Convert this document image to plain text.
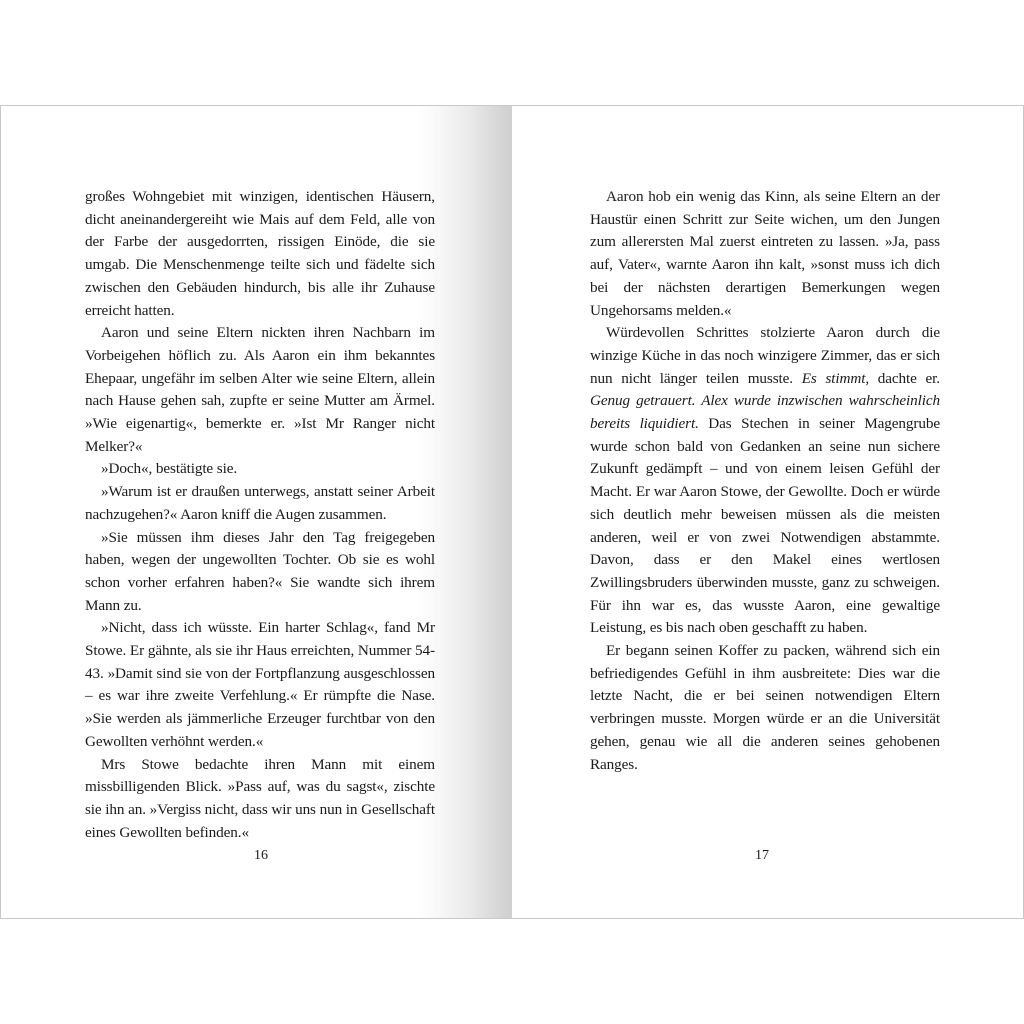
großes Wohngebiet mit winzigen, identischen Häusern, dicht aneinandergereiht wie Mais auf dem Feld, alle von der Farbe der ausgedorrten, rissigen Einöde, die sie umgab. Die Menschenmenge teilte sich und fädelte sich zwischen den Gebäuden hindurch, bis alle ihr Zuhause erreicht hatten.

Aaron und seine Eltern nickten ihren Nachbarn im Vorbeigehen höflich zu. Als Aaron ein ihm bekanntes Ehepaar, ungefähr im selben Alter wie seine Eltern, allein nach Hause gehen sah, zupfte er seine Mutter am Ärmel. »Wie eigenartig«, bemerkte er. »Ist Mr Ranger nicht Melker?«

»Doch«, bestätigte sie.

»Warum ist er draußen unterwegs, anstatt seiner Arbeit nachzugehen?« Aaron kniff die Augen zusammen.

»Sie müssen ihm dieses Jahr den Tag freigegeben haben, wegen der ungewollten Tochter. Ob sie es wohl schon vorher erfahren haben?« Sie wandte sich ihrem Mann zu.

»Nicht, dass ich wüsste. Ein harter Schlag«, fand Mr Stowe. Er gähnte, als sie ihr Haus erreichten, Nummer 54-43. »Damit sind sie von der Fortpflanzung ausgeschlossen – es war ihre zweite Verfehlung.« Er rümpfte die Nase. »Sie werden als jämmerliche Erzeuger furchtbar von den Gewollten verhöhnt werden.«

Mrs Stowe bedachte ihren Mann mit einem missbilligenden Blick. »Pass auf, was du sagst«, zischte sie ihn an. »Vergiss nicht, dass wir uns nun in Gesellschaft eines Gewollten befinden.«

16

Aaron hob ein wenig das Kinn, als seine Eltern an der Haustür einen Schritt zur Seite wichen, um den Jungen zum allerersten Mal zuerst eintreten zu lassen. »Ja, pass auf, Vater«, warnte Aaron ihn kalt, »sonst muss ich dich bei der nächsten derartigen Bemerkungen wegen Ungehorsams melden.«

Würdevollen Schrittes stolzierte Aaron durch die winzige Küche in das noch winzigere Zimmer, das er sich nun nicht länger teilen musste. Es stimmt, dachte er. Genug getrauert. Alex wurde inzwischen wahrscheinlich bereits liquidiert. Das Stechen in seiner Magengrube wurde schon bald von Gedanken an seine nun sichere Zukunft gedämpft – und von einem leisen Gefühl der Macht. Er war Aaron Stowe, der Gewollte. Doch er würde sich deutlich mehr beweisen müssen als die meisten anderen, weil er von zwei Notwendigen abstammte. Davon, dass er den Makel eines wertlosen Zwillingsbruders überwinden musste, ganz zu schweigen. Für ihn war es, das wusste Aaron, eine gewaltige Leistung, es bis nach oben geschafft zu haben.

Er begann seinen Koffer zu packen, während sich ein befriedigendes Gefühl in ihm ausbreitete: Dies war die letzte Nacht, die er bei seinen notwendigen Eltern verbringen musste. Morgen würde er an die Universität gehen, genau wie all die anderen seines gehobenen Ranges.

17
